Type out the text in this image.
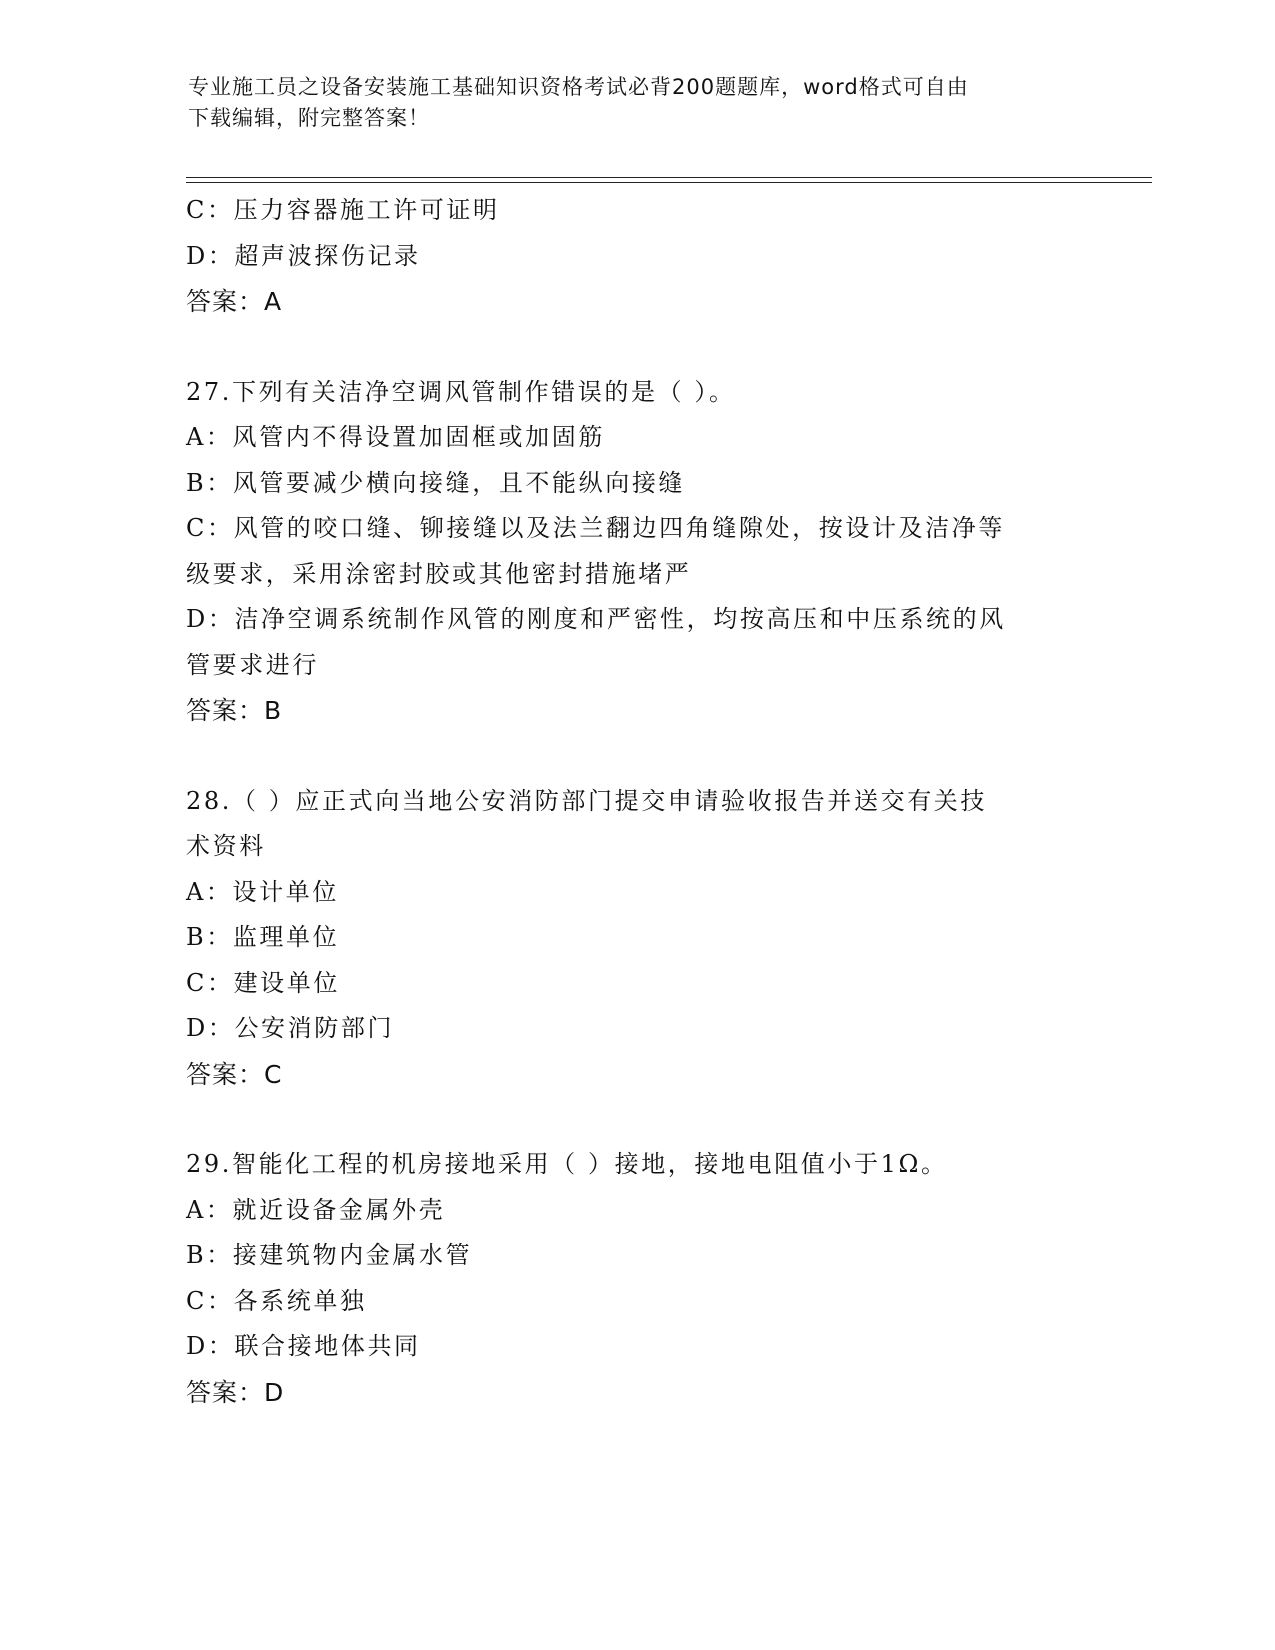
专业施工员之设备安装施工基础知识资格考试必背200题题库，word格式可自由
下载编辑，附完整答案！
C：压力容器施工许可证明
D：超声波探伤记录
答案：A
27.下列有关洁净空调风管制作错误的是（ ）。
A：风管内不得设置加固框或加固筋
B：风管要减少横向接缝，且不能纵向接缝
C：风管的咬口缝、铆接缝以及法兰翻边四角缝隙处，按设计及洁净等
级要求，采用涂密封胶或其他密封措施堵严
D：洁净空调系统制作风管的刚度和严密性，均按高压和中压系统的风
管要求进行
答案：B
28.（ ）应正式向当地公安消防部门提交申请验收报告并送交有关技
术资料
A：设计单位
B：监理单位
C：建设单位
D：公安消防部门
答案：C
29.智能化工程的机房接地采用（ ）接地，接地电阻值小于1Ω。
A：就近设备金属外壳
B：接建筑物内金属水管
C：各系统单独
D：联合接地体共同
答案：D
